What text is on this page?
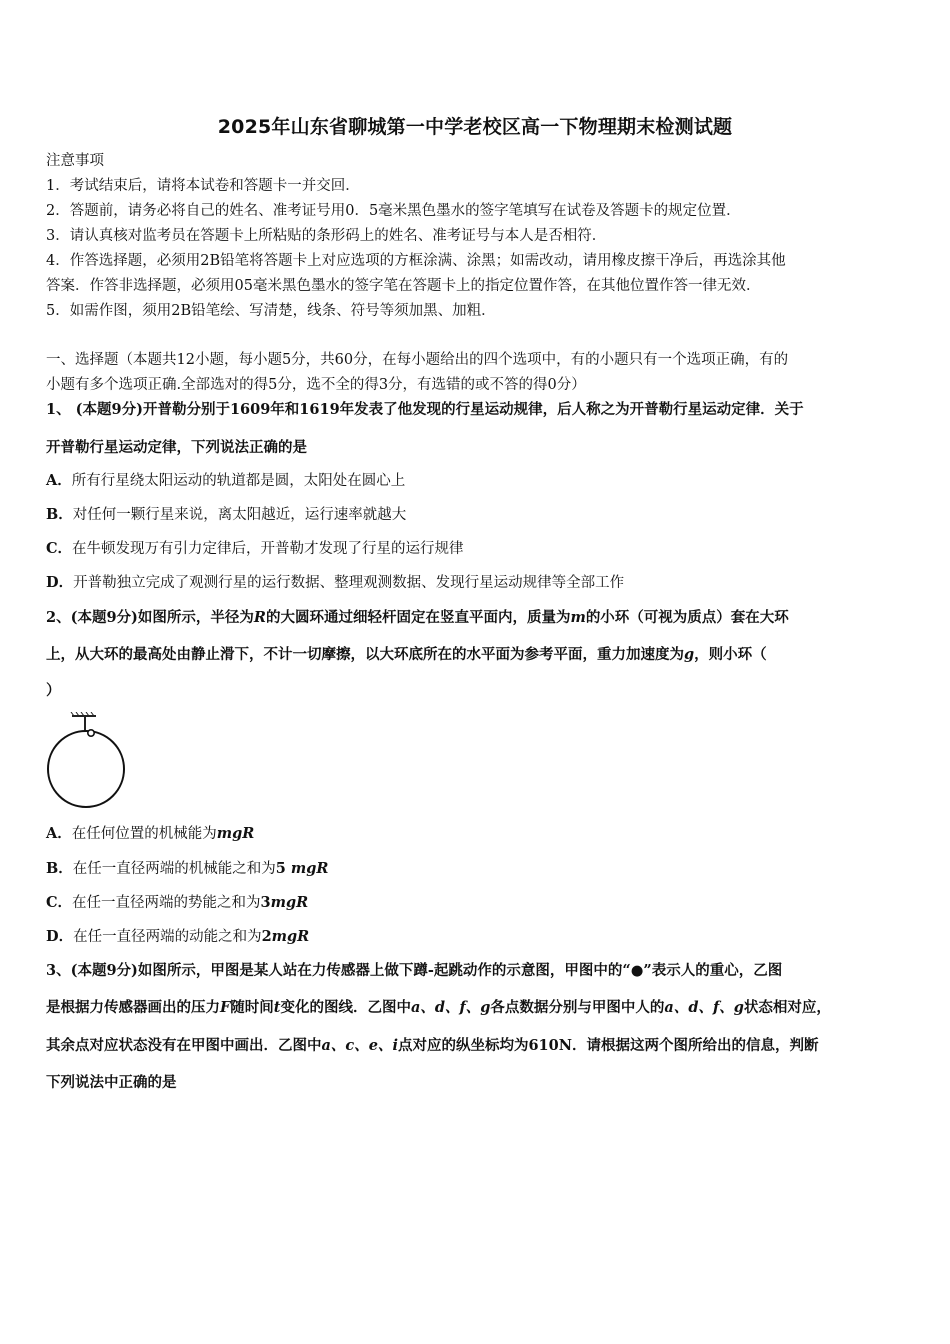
2025年山东省聊城第一中学老校区高一下物理期末检测试题
注意事项
1．考试结束后，请将本试卷和答题卡一并交回．
2．答题前，请务必将自己的姓名、准考证号用0．5毫米黑色墨水的签字笔填写在试卷及答题卡的规定位置．
3．请认真核对监考员在答题卡上所粘贴的条形码上的姓名、准考证号与本人是否相符．
4．作答选择题，必须用2B铅笔将答题卡上对应选项的方框涂满、涂黑；如需改动，请用橡皮擦干净后，再选涂其他
答案．作答非选择题，必须用05毫米黑色墨水的签字笔在答题卡上的指定位置作答，在其他位置作答一律无效．
5．如需作图，须用2B铅笔绘、写清楚，线条、符号等须加黑、加粗．
一、选择题（本题共12小题，每小题5分，共60分，在每小题给出的四个选项中，有的小题只有一个选项正确，有的
小题有多个选项正确.全部选对的得5分，选不全的得3分，有选错的或不答的得0分）
1、 (本题9分)开普勒分别于1609年和1619年发表了他发现的行星运动规律，后人称之为开普勒行星运动定律．关于
开普勒行星运动定律，下列说法正确的是
A．所有行星绕太阳运动的轨道都是圆，太阳处在圆心上
B．对任何一颗行星来说，离太阳越近，运行速率就越大
C．在牛顿发现万有引力定律后，开普勒才发现了行星的运行规律
D．开普勒独立完成了观测行星的运行数据、整理观测数据、发现行星运动规律等全部工作
2、(本题9分)如图所示，半径为R的大圆环通过细轻杆固定在竖直平面内，质量为m的小环（可视为质点）套在大环
上，从大环的最高处由静止滑下，不计一切摩擦，以大环底所在的水平面为参考平面，重力加速度为g，则小环（
）
A．在任何位置的机械能为mgR
B．在任一直径两端的机械能之和为5 mgR
C．在任一直径两端的势能之和为3mgR
D．在任一直径两端的动能之和为2mgR
3、(本题9分)如图所示，甲图是某人站在力传感器上做下蹲-起跳动作的示意图，甲图中的“●”表示人的重心，乙图
是根据力传感器画出的压力F随时间t变化的图线．乙图中a、d、f、g各点数据分别与甲图中人的a、d、f、g状态相对应，
其余点对应状态没有在甲图中画出．乙图中a、c、e、i点对应的纵坐标均为610N．请根据这两个图所给出的信息，判断
下列说法中正确的是
